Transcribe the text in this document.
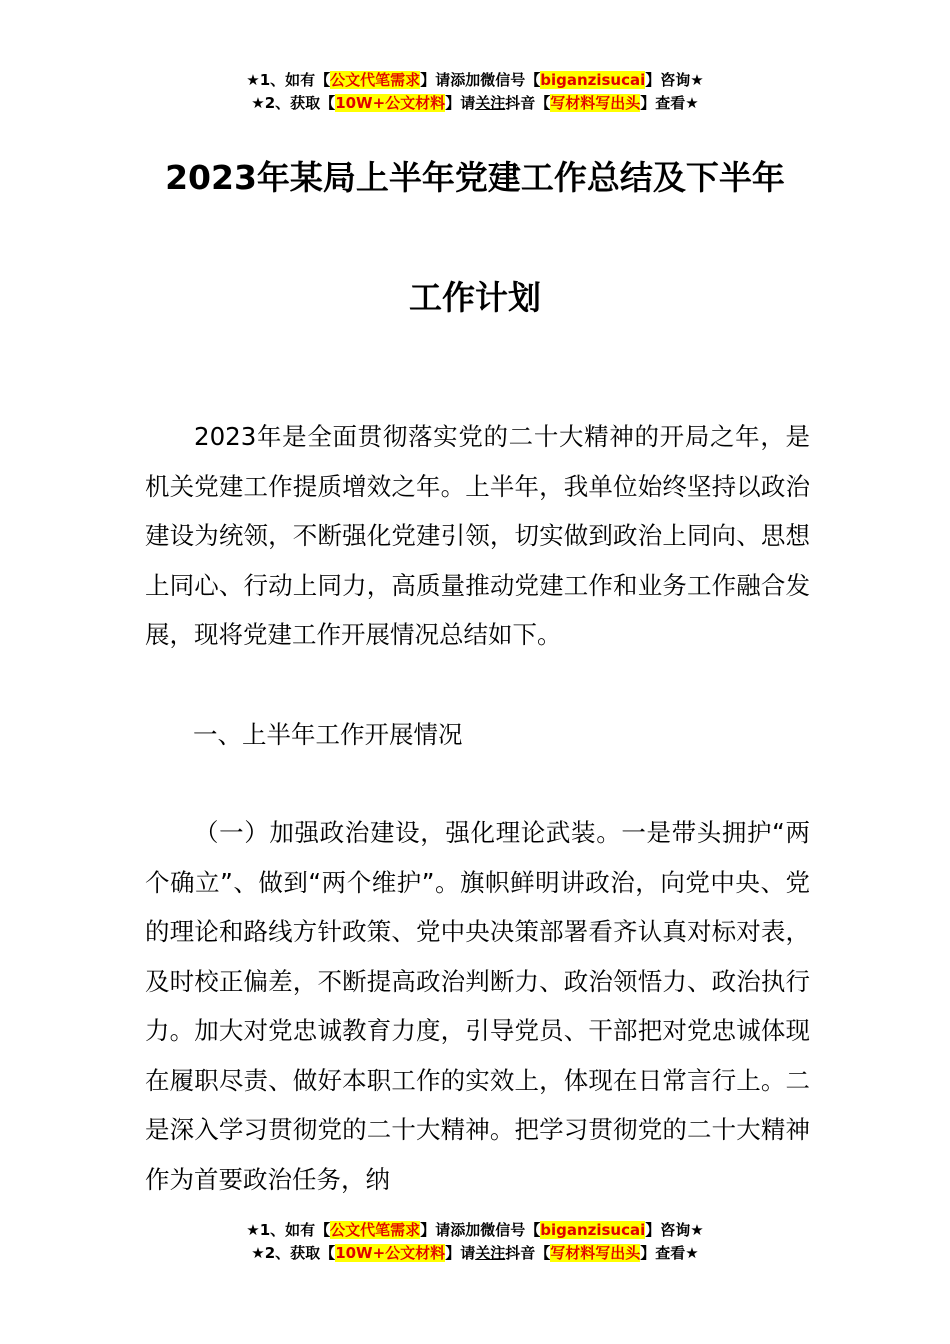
★1、如有【公文代笔需求】请添加微信号【biganzisucai】咨询★
★2、获取【10W+公文材料】请关注抖音【写材料写出头】查看★
2023年某局上半年党建工作总结及下半年
工作计划

2023年是全面贯彻落实党的二十大精神的开局之年，是机关党建工作提质增效之年。上半年，我单位始终坚持以政治建设为统领，不断强化党建引领，切实做到政治上同向、思想上同心、行动上同力，高质量推动党建工作和业务工作融合发展，现将党建工作开展情况总结如下。

一、上半年工作开展情况

（一）加强政治建设，强化理论武装。一是带头拥护“两个确立”、做到“两个维护”。旗帜鲜明讲政治，向党中央、党的理论和路线方针政策、党中央决策部署看齐认真对标对表，及时校正偏差，不断提高政治判断力、政治领悟力、政治执行力。加大对党忠诚教育力度，引导党员、干部把对党忠诚体现在履职尽责、做好本职工作的实效上，体现在日常言行上。二是深入学习贯彻党的二十大精神。把学习贯彻党的二十大精神作为首要政治任务，纳

★1、如有【公文代笔需求】请添加微信号【biganzisucai】咨询★
★2、获取【10W+公文材料】请关注抖音【写材料写出头】查看★
